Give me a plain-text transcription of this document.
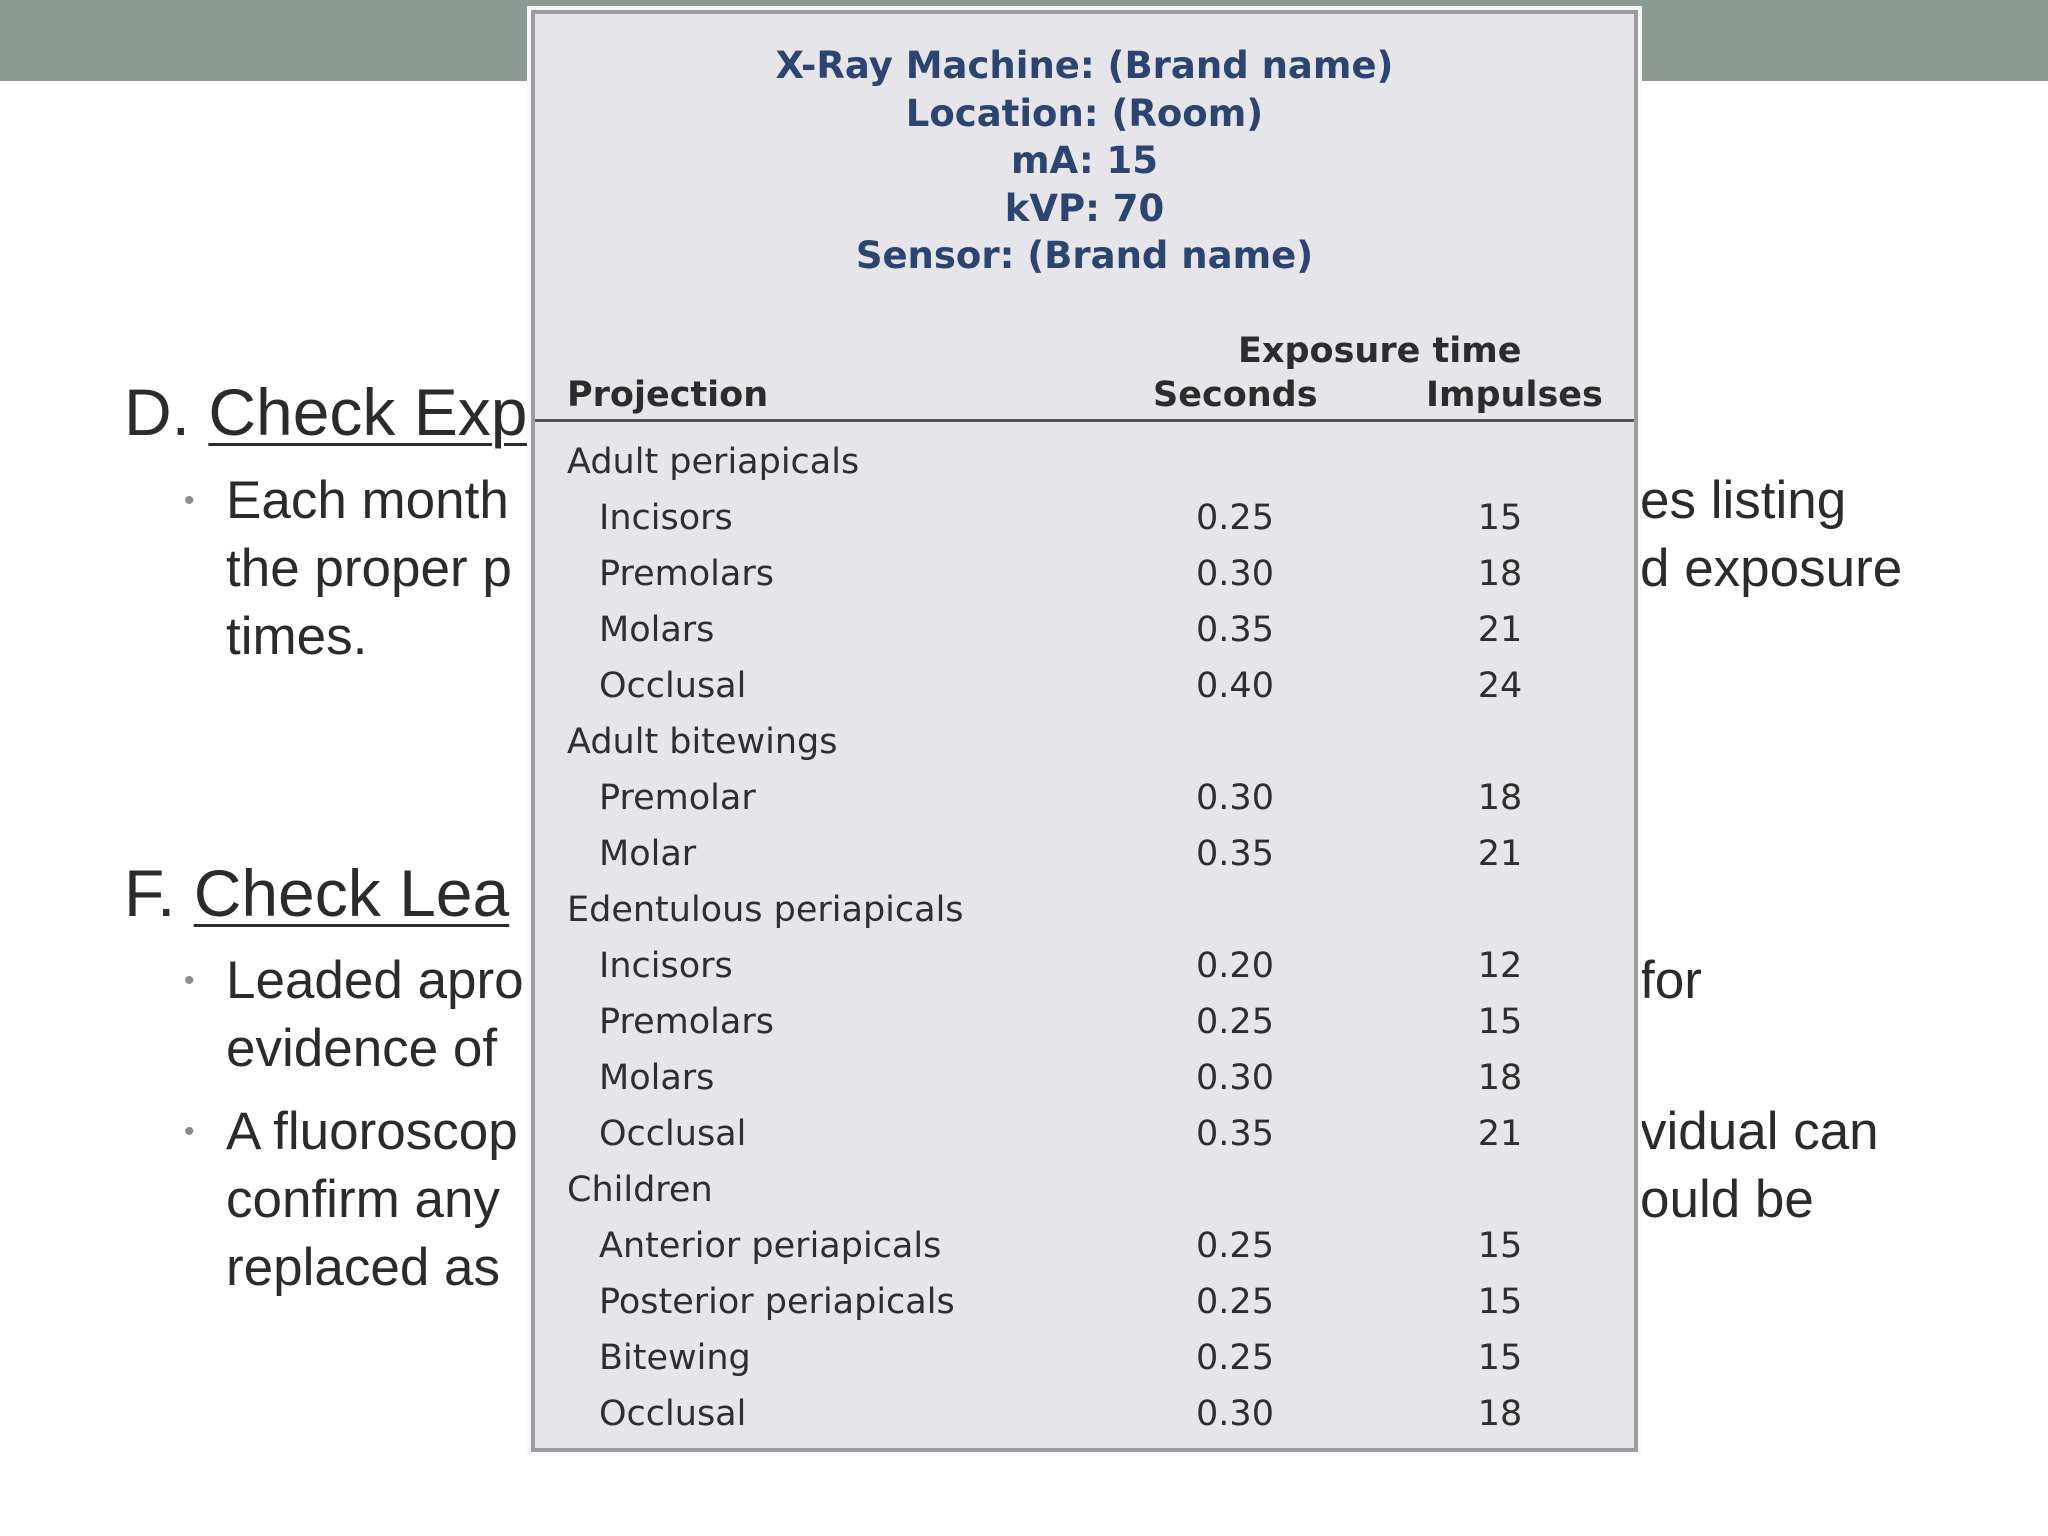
D. Check Exp
• Each month
the proper p
times.
es listing
d exposure
F. Check Lea
• Leaded apro
evidence of
for
• A fluoroscop
confirm any
replaced as
vidual can
ould be
X-Ray Machine: (Brand name)
Location: (Room)
mA: 15
kVP: 70
Sensor: (Brand name)
Exposure time
Projection	Seconds	Impulses
Adult periapicals
Incisors	0.25	15
Premolars	0.30	18
Molars	0.35	21
Occlusal	0.40	24
Adult bitewings
Premolar	0.30	18
Molar	0.35	21
Edentulous periapicals
Incisors	0.20	12
Premolars	0.25	15
Molars	0.30	18
Occlusal	0.35	21
Children
Anterior periapicals	0.25	15
Posterior periapicals	0.25	15
Bitewing	0.25	15
Occlusal	0.30	18
